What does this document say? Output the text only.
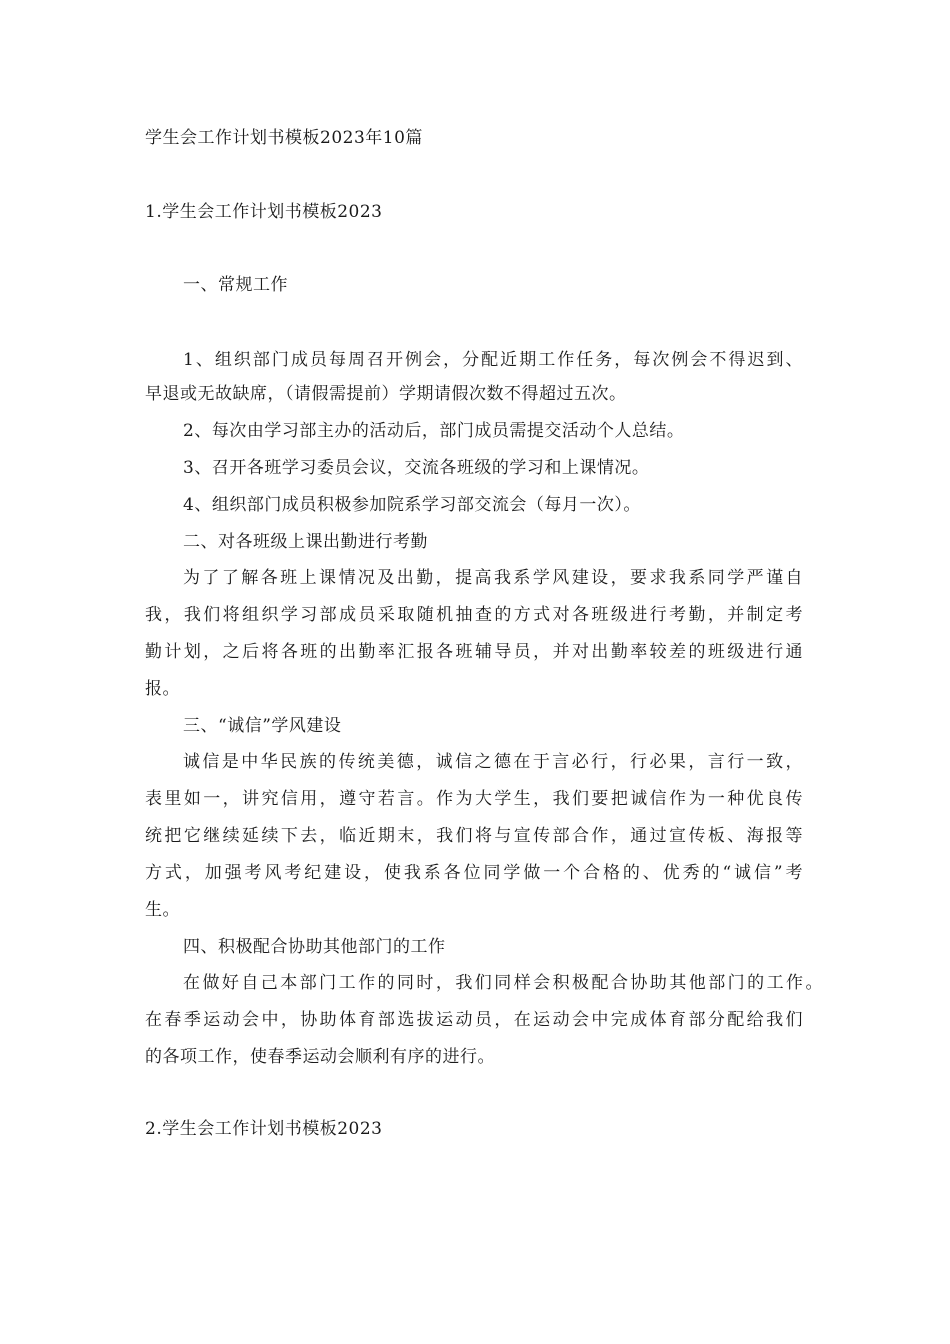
学生会工作计划书模板2023年10篇
1.学生会工作计划书模板2023
一、常规工作
1、组织部门成员每周召开例会，分配近期工作任务，每次例会不得迟到、
早退或无故缺席，（请假需提前）学期请假次数不得超过五次。
2、每次由学习部主办的活动后，部门成员需提交活动个人总结。
3、召开各班学习委员会议，交流各班级的学习和上课情况。
4、组织部门成员积极参加院系学习部交流会（每月一次）。
二、对各班级上课出勤进行考勤
为了了解各班上课情况及出勤，提高我系学风建设，要求我系同学严谨自
我，我们将组织学习部成员采取随机抽查的方式对各班级进行考勤，并制定考
勤计划，之后将各班的出勤率汇报各班辅导员，并对出勤率较差的班级进行通
报。
三、“诚信”学风建设
诚信是中华民族的传统美德，诚信之德在于言必行，行必果，言行一致，
表里如一，讲究信用，遵守若言。作为大学生，我们要把诚信作为一种优良传
统把它继续延续下去，临近期末，我们将与宣传部合作，通过宣传板、海报等
方式，加强考风考纪建设，使我系各位同学做一个合格的、优秀的“诚信”考
生。
四、积极配合协助其他部门的工作
在做好自己本部门工作的同时，我们同样会积极配合协助其他部门的工作。
在春季运动会中，协助体育部选拔运动员，在运动会中完成体育部分配给我们
的各项工作，使春季运动会顺利有序的进行。
2.学生会工作计划书模板2023
